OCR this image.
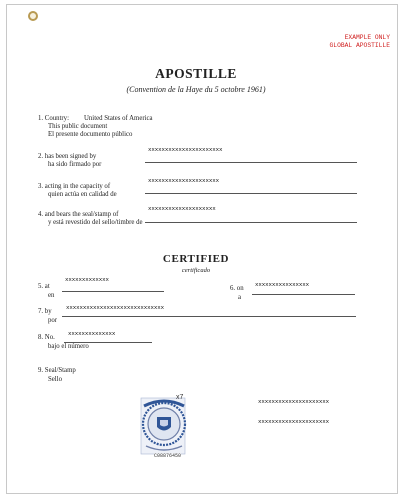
EXAMPLE ONLY
GLOBAL APOSTILLE
APOSTILLE
(Convention de la Haye du 5 octobre 1961)
1. Country: United States of America
This public document
El presente documento público
2. has been signed by
ha sido firmado por
xxxxxxxxxxxxxxxxxxxxxx
3. acting in the capacity of
quien actúa en calidad de
xxxxxxxxxxxxxxxxxxxxx
4. and bears the seal/stamp of
y está revestido del sello/timbre de
xxxxxxxxxxxxxxxxxxxx
CERTIFIED
certificado
5. at
en
xxxxxxxxxxxxx
6. on
a
xxxxxxxxxxxxxxxx
7. by
por
xxxxxxxxxxxxxxxxxxxxxxxxxxxxx
8. No.
bajo el número
xxxxxxxxxxxxxx
9. Seal/Stamp
Sello
x7
C08876450
xxxxxxxxxxxxxxxxxxxxx
xxxxxxxxxxxxxxxxxxxxx
